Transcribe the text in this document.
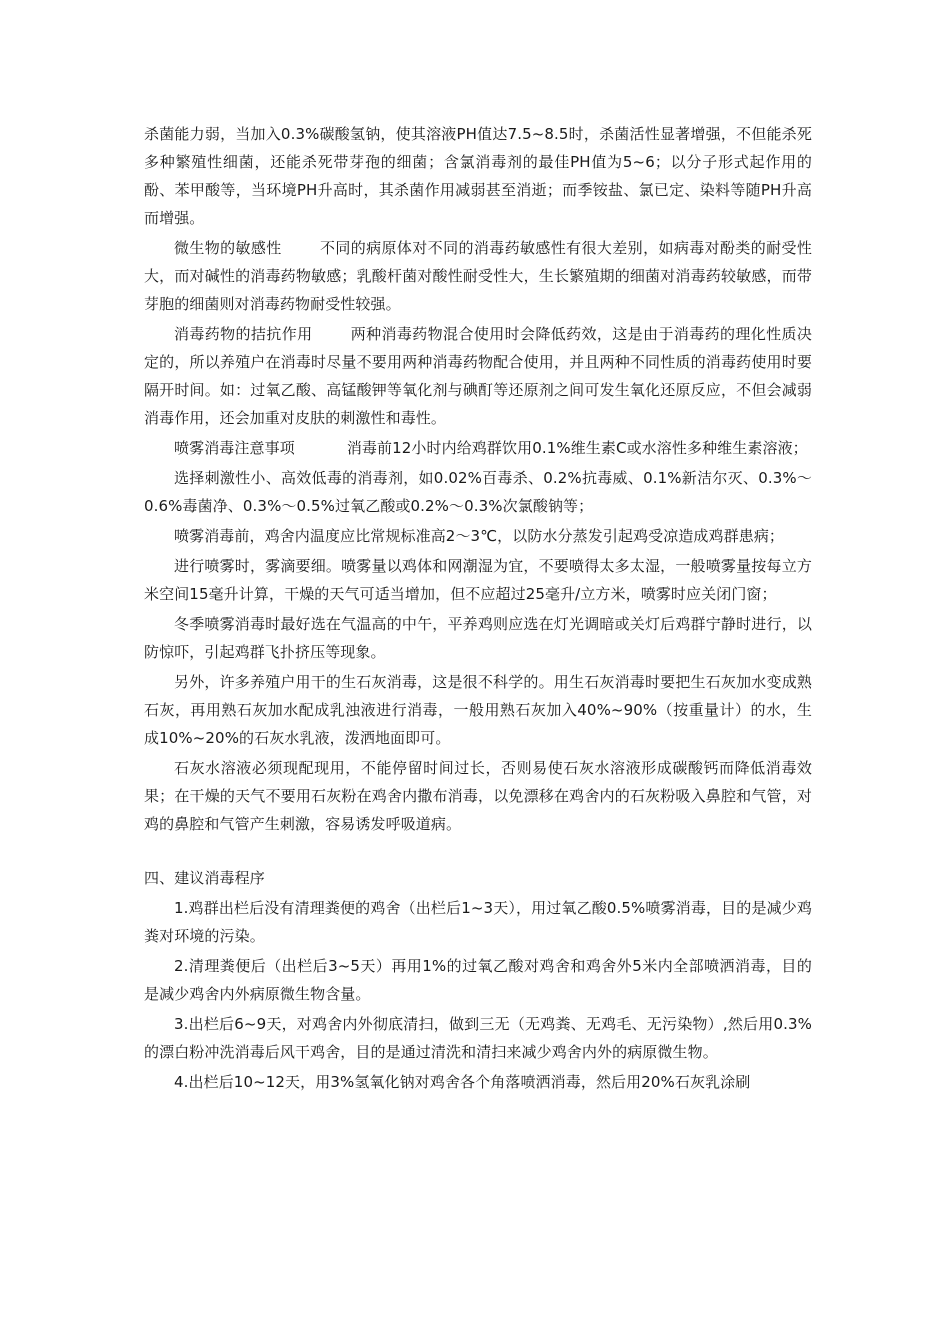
杀菌能力弱，当加入0.3%碳酸氢钠，使其溶液PH值达7.5~8.5时，杀菌活性显著增强，不但能杀死多种繁殖性细菌，还能杀死带芽孢的细菌；含氯消毒剂的最佳PH值为5~6；以分子形式起作用的酚、苯甲酸等，当环境PH升高时，其杀菌作用减弱甚至消逝；而季铵盐、氯已定、染料等随PH升高而增强。

微生物的敏感性	不同的病原体对不同的消毒药敏感性有很大差别，如病毒对酚类的耐受性大，而对碱性的消毒药物敏感；乳酸杆菌对酸性耐受性大，生长繁殖期的细菌对消毒药较敏感，而带芽胞的细菌则对消毒药物耐受性较强。

消毒药物的拮抗作用	两种消毒药物混合使用时会降低药效，这是由于消毒药的理化性质决定的，所以养殖户在消毒时尽量不要用两种消毒药物配合使用，并且两种不同性质的消毒药使用时要隔开时间。如：过氧乙酸、高锰酸钾等氧化剂与碘酊等还原剂之间可发生氧化还原反应，不但会减弱消毒作用，还会加重对皮肤的刺激性和毒性。

喷雾消毒注意事项	消毒前12小时内给鸡群饮用0.1%维生素C或水溶性多种维生素溶液；

选择刺激性小、高效低毒的消毒剂，如0.02%百毒杀、0.2%抗毒威、0.1%新洁尔灭、0.3%～0.6%毒菌净、0.3%～0.5%过氧乙酸或0.2%～0.3%次氯酸钠等；

喷雾消毒前，鸡舍内温度应比常规标准高2～3℃，以防水分蒸发引起鸡受凉造成鸡群患病；

进行喷雾时，雾滴要细。喷雾量以鸡体和网潮湿为宜，不要喷得太多太湿，一般喷雾量按每立方米空间15毫升计算，干燥的天气可适当增加，但不应超过25毫升/立方米，喷雾时应关闭门窗；

冬季喷雾消毒时最好选在气温高的中午，平养鸡则应选在灯光调暗或关灯后鸡群宁静时进行，以防惊吓，引起鸡群飞扑挤压等现象。

另外，许多养殖户用干的生石灰消毒，这是很不科学的。用生石灰消毒时要把生石灰加水变成熟石灰，再用熟石灰加水配成乳浊液进行消毒，一般用熟石灰加入40%~90%（按重量计）的水，生成10%~20%的石灰水乳液，泼洒地面即可。

石灰水溶液必须现配现用，不能停留时间过长，否则易使石灰水溶液形成碳酸钙而降低消毒效果；在干燥的天气不要用石灰粉在鸡舍内撒布消毒，以免漂移在鸡舍内的石灰粉吸入鼻腔和气管，对鸡的鼻腔和气管产生刺激，容易诱发呼吸道病。

四、建议消毒程序

1.鸡群出栏后没有清理粪便的鸡舍（出栏后1~3天），用过氧乙酸0.5%喷雾消毒，目的是减少鸡粪对环境的污染。

2.清理粪便后（出栏后3~5天）再用1%的过氧乙酸对鸡舍和鸡舍外5米内全部喷洒消毒，目的是减少鸡舍内外病原微生物含量。

3.出栏后6~9天，对鸡舍内外彻底清扫，做到三无（无鸡粪、无鸡毛、无污染物）,然后用0.3%的漂白粉冲洗消毒后风干鸡舍，目的是通过清洗和清扫来减少鸡舍内外的病原微生物。

4.出栏后10~12天，用3%氢氧化钠对鸡舍各个角落喷洒消毒，然后用20%石灰乳涂刷
